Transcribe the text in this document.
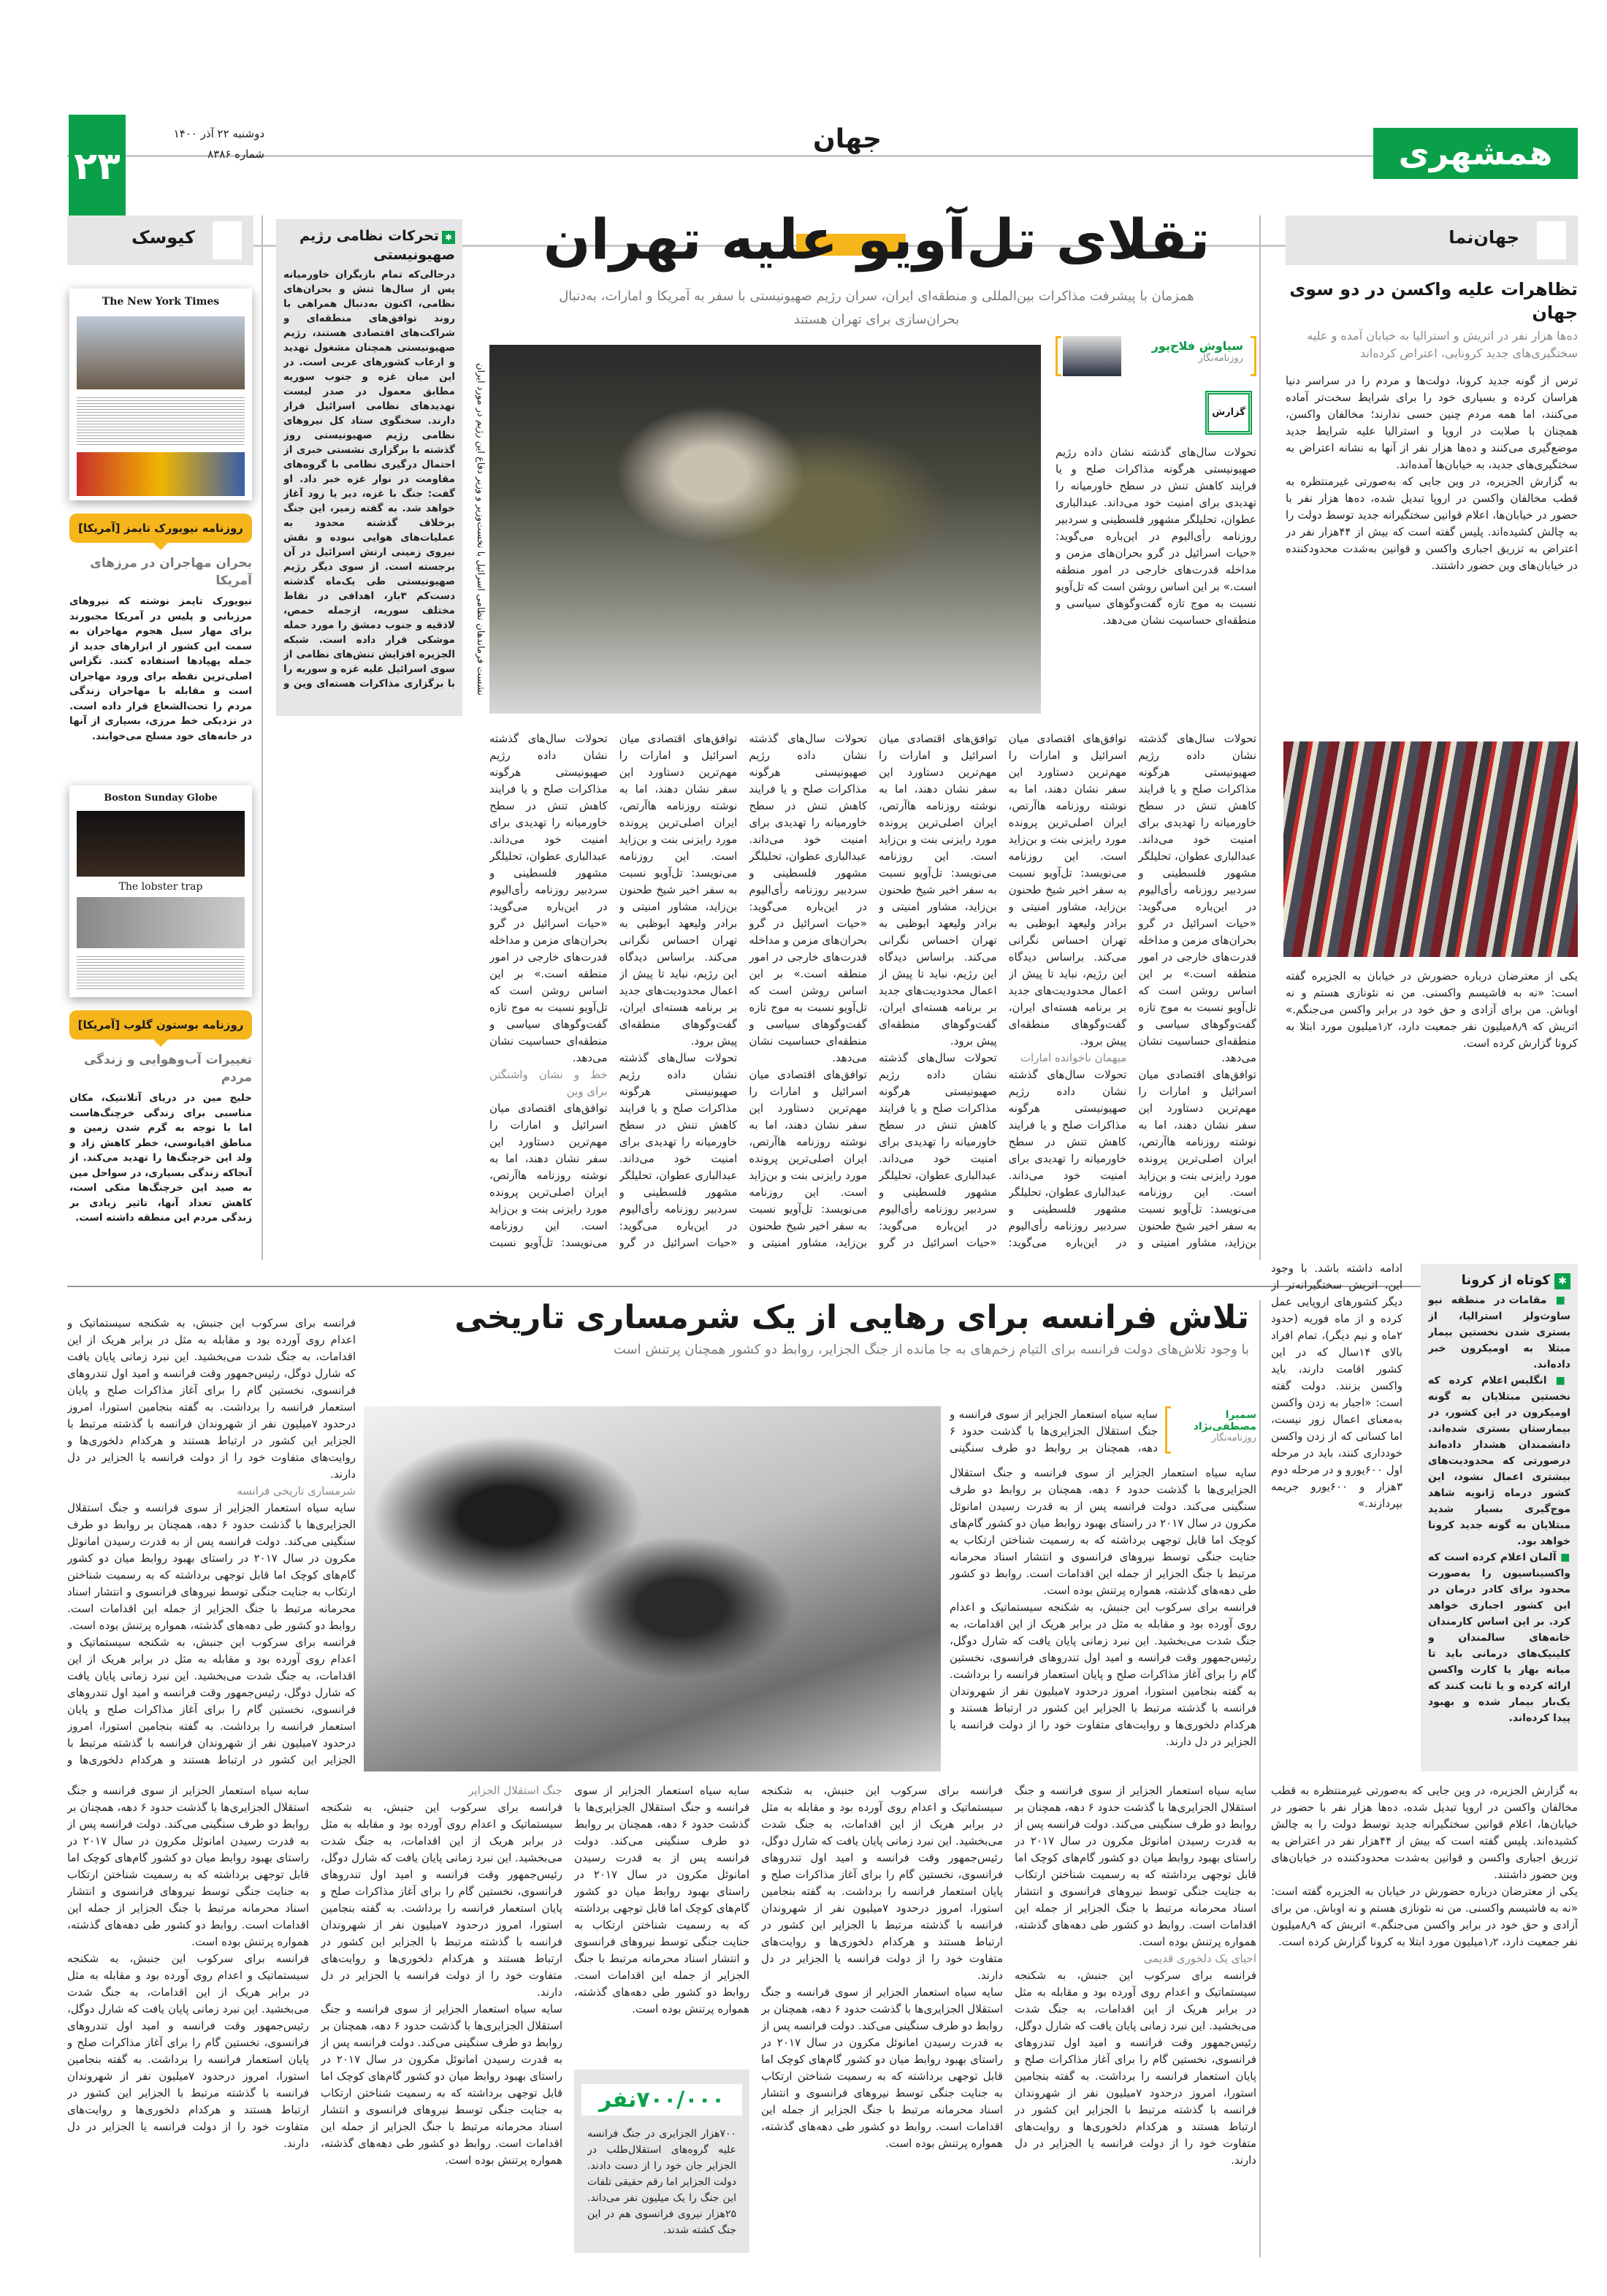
۲۳
دوشنبه ۲۲ آذر ۱۴۰۰
شماره ۸۳۸۶	جهان	همشهری
جهان‌نما
تظاهرات علیه واکسن در دو سوی جهان
ده‌ها هزار نفر در اتریش و استرالیا به خیابان آمده و علیه سختگیری‌های جدید کرونایی، اعتراض کرده‌اند

ترس از گونه جدید کرونا، دولت‌ها و مردم را در سراسر دنیا هراسان کرده و بسیاری خود را برای شرایط سخت‌تر آماده می‌کنند، اما همه مردم چنین حسی ندارند؛ مخالفان واکسن، همچنان با صلابت در اروپا و استرالیا علیه شرایط جدید موضع‌گیری می‌کنند و ده‌ها هزار نفر از آنها به نشانه اعتراض به سختگیری‌های جدید، به خیابان‌ها آمده‌اند.

به گزارش الجزیره، در وین جایی که به‌صورتی غیرمنتظره به قطب مخالفان واکسن در اروپا تبدیل شده، ده‌ها هزار نفر با حضور در خیابان‌ها، اعلام قوانین سختگیرانه جدید توسط دولت را به چالش کشیده‌اند. پلیس گفته است که بیش از ۴۴هزار نفر در اعتراض به تزریق اجباری واکسن و قوانین به‌شدت محدودکننده در خیابان‌های وین حضور داشتند.

یکی از معترضان درباره حضورش در خیابان به الجزیره گفته است: «نه به فاشیسم واکسنی. من نه نئونازی هستم و نه اوباش. من برای آزادی و حق خود در برابر واکسن می‌جنگم.» اتریش که ۸٫۹میلیون نفر جمعیت دارد، ۱٫۲میلیون مورد ابتلا به کرونا گزارش کرده است.

ادامه داشته باشد. با وجود این، اتریش سختگیرانه‌تر از دیگر کشورهای اروپایی عمل کرده و از ماه فوریه (حدود ۲ماه و نیم دیگر)، تمام افراد بالای ۱۴سال که در این کشور اقامت دارند، باید واکسن بزنند. دولت گفته است: «اجبار به زدن واکسن به‌معنای اعمال زور نیست، اما کسانی که از زدن واکسن خودداری کنند، باید در مرحله اول ۶۰۰یورو و در مرحله دوم ۳هزار و ۶۰۰یورو جریمه بپردازند.»

✱کوتاه از کرونا

■ مقامات در منطقه نیو ساوث‌ولز استرالیا، از بستری شدن نخستین بیمار مبتلا به اومیکرون خبر داده‌اند.

■ انگلیس اعلام کرده که نخستین مبتلایان به گونه اومیکرون در این کشور، در بیمارستان بستری شده‌اند. دانشمندان هشدار داده‌اند درصورتی که محدودیت‌های بیشتری اعمال نشود، این کشور درماه ژانویه شاهد موج‌گیری بسیار شدید مبتلایان به گونه جدید کرونا خواهد بود.

■ آلمان اعلام کرده است که واکسیناسیون را به‌صورت محدود برای کادر درمان در این کشور اجباری خواهد کرد. بر این اساس کارمندان خانه‌های سالمندان و کلینیک‌های درمانی باید تا میانه بهار یا کارت واکسن ارائه کرده و یا ثابت کنند که یک‌بار بیمار شده و بهبود پیدا کرده‌اند.

به گزارش الجزیره، در وین جایی که به‌صورتی غیرمنتظره به قطب مخالفان واکسن در اروپا تبدیل شده، ده‌ها هزار نفر با حضور در خیابان‌ها، اعلام قوانین سختگیرانه جدید توسط دولت را به چالش کشیده‌اند. پلیس گفته است که بیش از ۴۴هزار نفر در اعتراض به تزریق اجباری واکسن و قوانین به‌شدت محدودکننده در خیابان‌های وین حضور داشتند.

یکی از معترضان درباره حضورش در خیابان به الجزیره گفته است: «نه به فاشیسم واکسنی. من نه نئونازی هستم و نه اوباش. من برای آزادی و حق خود در برابر واکسن می‌جنگم.» اتریش که ۸٫۹میلیون نفر جمعیت دارد، ۱٫۲میلیون مورد ابتلا به کرونا گزارش کرده است.

تقلای تل‌آویو علیه تهران
همزمان با پیشرفت مذاکرات بین‌المللی و منطقه‌ای ایران، سران رژیم صهیونیستی با سفر به آمریکا و امارات، به‌دنبال بحران‌سازی برای تهران هستند
نشست فرماندهان نظامی اسرائیل با نخست‌وزیر و وزیر دفاع این رژیم در مورد ایران
سیاوش فلاح‌پور
روزنامه‌نگار
گزارش

تحولات سال‌های گذشته نشان داده رژیم صهیونیستی هرگونه مذاکرات صلح و یا فرایند کاهش تنش در سطح خاورمیانه را تهدیدی برای امنیت خود می‌داند. عبدالباری عطوان، تحلیلگر مشهور فلسطینی و سردبیر روزنامه رأی‌الیوم در این‌باره می‌گوید: «حیات اسرائیل در گرو بحران‌های مزمن و مداخله قدرت‌های خارجی در امور منطقه است.» بر این اساس روشن است که تل‌آویو نسبت به موج تازه گفت‌وگوهای سیاسی و منطقه‌ای حساسیت نشان می‌دهد.

تحولات سال‌های گذشته نشان داده رژیم صهیونیستی هرگونه مذاکرات صلح و یا فرایند کاهش تنش در سطح خاورمیانه را تهدیدی برای امنیت خود می‌داند. عبدالباری عطوان، تحلیلگر مشهور فلسطینی و سردبیر روزنامه رأی‌الیوم در این‌باره می‌گوید: «حیات اسرائیل در گرو بحران‌های مزمن و مداخله قدرت‌های خارجی در امور منطقه است.» بر این اساس روشن است که تل‌آویو نسبت به موج تازه گفت‌وگوهای سیاسی و منطقه‌ای حساسیت نشان می‌دهد.

توافق‌های اقتصادی میان اسرائیل و امارات را مهم‌ترین دستاورد این سفر نشان دهند، اما به نوشته روزنامه هاآرتص، ایران اصلی‌ترین پرونده مورد رایزنی بنت و بن‌زاید است. این روزنامه می‌نویسد: تل‌آویو نسبت به سفر اخیر شیخ طحنون بن‌زاید، مشاور امنیتی و

توافق‌های اقتصادی میان اسرائیل و امارات را مهم‌ترین دستاورد این سفر نشان دهند، اما به نوشته روزنامه هاآرتص، ایران اصلی‌ترین پرونده مورد رایزنی بنت و بن‌زاید است. این روزنامه می‌نویسد: تل‌آویو نسبت به سفر اخیر شیخ طحنون بن‌زاید، مشاور امنیتی و برادر ولیعهد ابوظبی به تهران احساس نگرانی می‌کند. براساس دیدگاه این رژیم، نباید تا پیش از اعمال محدودیت‌های جدید بر برنامه هسته‌ای ایران، گفت‌وگوهای منطقه‌ای پیش برود.

میهمان ناخوانده امارات

تحولات سال‌های گذشته نشان داده رژیم صهیونیستی هرگونه مذاکرات صلح و یا فرایند کاهش تنش در سطح خاورمیانه را تهدیدی برای امنیت خود می‌داند. عبدالباری عطوان، تحلیلگر مشهور فلسطینی و سردبیر روزنامه رأی‌الیوم در این‌باره می‌گوید:

توافق‌های اقتصادی میان اسرائیل و امارات را مهم‌ترین دستاورد این سفر نشان دهند، اما به نوشته روزنامه هاآرتص، ایران اصلی‌ترین پرونده مورد رایزنی بنت و بن‌زاید است. این روزنامه می‌نویسد: تل‌آویو نسبت به سفر اخیر شیخ طحنون بن‌زاید، مشاور امنیتی و برادر ولیعهد ابوظبی به تهران احساس نگرانی می‌کند. براساس دیدگاه این رژیم، نباید تا پیش از اعمال محدودیت‌های جدید بر برنامه هسته‌ای ایران، گفت‌وگوهای منطقه‌ای پیش برود.

تحولات سال‌های گذشته نشان داده رژیم صهیونیستی هرگونه مذاکرات صلح و یا فرایند کاهش تنش در سطح خاورمیانه را تهدیدی برای امنیت خود می‌داند. عبدالباری عطوان، تحلیلگر مشهور فلسطینی و سردبیر روزنامه رأی‌الیوم در این‌باره می‌گوید: «حیات اسرائیل در گرو

تحولات سال‌های گذشته نشان داده رژیم صهیونیستی هرگونه مذاکرات صلح و یا فرایند کاهش تنش در سطح خاورمیانه را تهدیدی برای امنیت خود می‌داند. عبدالباری عطوان، تحلیلگر مشهور فلسطینی و سردبیر روزنامه رأی‌الیوم در این‌باره می‌گوید: «حیات اسرائیل در گرو بحران‌های مزمن و مداخله قدرت‌های خارجی در امور منطقه است.» بر این اساس روشن است که تل‌آویو نسبت به موج تازه گفت‌وگوهای سیاسی و منطقه‌ای حساسیت نشان می‌دهد.

توافق‌های اقتصادی میان اسرائیل و امارات را مهم‌ترین دستاورد این سفر نشان دهند، اما به نوشته روزنامه هاآرتص، ایران اصلی‌ترین پرونده مورد رایزنی بنت و بن‌زاید است. این روزنامه می‌نویسد: تل‌آویو نسبت به سفر اخیر شیخ طحنون بن‌زاید، مشاور امنیتی و

توافق‌های اقتصادی میان اسرائیل و امارات را مهم‌ترین دستاورد این سفر نشان دهند، اما به نوشته روزنامه هاآرتص، ایران اصلی‌ترین پرونده مورد رایزنی بنت و بن‌زاید است. این روزنامه می‌نویسد: تل‌آویو نسبت به سفر اخیر شیخ طحنون بن‌زاید، مشاور امنیتی و برادر ولیعهد ابوظبی به تهران احساس نگرانی می‌کند. براساس دیدگاه این رژیم، نباید تا پیش از اعمال محدودیت‌های جدید بر برنامه هسته‌ای ایران، گفت‌وگوهای منطقه‌ای پیش برود.

تحولات سال‌های گذشته نشان داده رژیم صهیونیستی هرگونه مذاکرات صلح و یا فرایند کاهش تنش در سطح خاورمیانه را تهدیدی برای امنیت خود می‌داند. عبدالباری عطوان، تحلیلگر مشهور فلسطینی و سردبیر روزنامه رأی‌الیوم در این‌باره می‌گوید: «حیات اسرائیل در گرو

تحولات سال‌های گذشته نشان داده رژیم صهیونیستی هرگونه مذاکرات صلح و یا فرایند کاهش تنش در سطح خاورمیانه را تهدیدی برای امنیت خود می‌داند. عبدالباری عطوان، تحلیلگر مشهور فلسطینی و سردبیر روزنامه رأی‌الیوم در این‌باره می‌گوید: «حیات اسرائیل در گرو بحران‌های مزمن و مداخله قدرت‌های خارجی در امور منطقه است.» بر این اساس روشن است که تل‌آویو نسبت به موج تازه گفت‌وگوهای سیاسی و منطقه‌ای حساسیت نشان می‌دهد.

خط و نشان واشنگتن برای وین

توافق‌های اقتصادی میان اسرائیل و امارات را مهم‌ترین دستاورد این سفر نشان دهند، اما به نوشته روزنامه هاآرتص، ایران اصلی‌ترین پرونده مورد رایزنی بنت و بن‌زاید است. این روزنامه می‌نویسد: تل‌آویو نسبت

✱تحرکات نظامی رژیم صهیونیستی
درحالی‌که تمام بازیگران خاورمیانه پس از سال‌ها تنش و بحران‌های نظامی، اکنون به‌دنبال همراهی با روند توافق‌های منطقه‌ای و شراکت‌های اقتصادی هستند، رژیم صهیونیستی همچنان مشغول تهدید و ارعاب کشورهای عربی است. در این میان غزه و جنوب سوریه مطابق معمول در صدر لیست تهدیدهای نظامی اسرائیل قرار دارند. سخنگوی ستاد کل نیروهای نظامی رژیم صهیونیستی روز گذشته با برگزاری نشستی خبری از احتمال درگیری نظامی با گروه‌های مقاومت در نوار غزه خبر داد. او گفت: جنگ با غزه، دیر یا زود آغاز خواهد شد. به گفته زمیر، این جنگ برخلاف گذشته محدود به عملیات‌های هوایی نبوده و نقش نیروی زمینی ارتش اسرائیل در آن برجسته است. از سوی دیگر رژیم صهیونیستی طی یک‌ماه گذشته دست‌کم ۳بار، اهدافی در نقاط مختلف سوریه، ازجمله حمص، لاذقیه و جنوب دمشق را مورد حمله موشکی قرار داده است. شبکه الجزیره افزایش تنش‌های نظامی از سوی اسرائیل علیه غزه و سوریه را با برگزاری مذاکرات هسته‌ای وین و
کیوسک
The New York Times
روزنامه نیویورک تایمز [آمریکا]
بحران مهاجران در مرزهای آمریکا
نیویورک تایمز نوشته که نیروهای مرزبانی و پلیس در آمریکا مجبورند برای مهار سیل هجوم مهاجران به سمت این کشور از ابزارهای جدید از جمله پهپادها استفاده کنند. تگزاس اصلی‌ترین نقطه برای ورود مهاجران است و مقابله با مهاجران زندگی مردم را تحت‌الشعاع قرار داده است. در نزدیکی خط مرزی، بسیاری از آنها در خانه‌های خود مسلح می‌خوابند.
Boston Sunday Globe
The lobster trap
روزنامه بوستون گلوب [آمریکا]
تغییرات آب‌وهوایی و زندگی مردم
خلیج مین در دریای آتلانتیک، مکان مناسبی برای زندگی خرچنگ‌هاست اما با توجه به گرم شدن زمین و مناطق اقیانوسی، خطر کاهش زاد و ولد این خرچنگ‌ها را تهدید می‌کند. از آنجاکه زندگی بسیاری، در سواحل مین به صید این خرچنگ‌ها متکی است، کاهش تعداد آنها، تاثیر زیادی بر زندگی مردم این منطقه داشته است.
تلاش فرانسه برای رهایی از یک شرمساری تاریخی
با وجود تلاش‌های دولت فرانسه برای التیام زخم‌های به جا مانده از جنگ الجزایر، روابط دو کشور همچنان پرتنش است

فرانسه برای سرکوب این جنبش، به شکنجه سیستماتیک و اعدام روی آورده بود و مقابله به مثل در برابر هریک از این اقدامات، به جنگ شدت می‌بخشید. این نبرد زمانی پایان یافت که شارل دوگل، رئیس‌جمهور وقت فرانسه و امید اول تندروهای فرانسوی، نخستین گام را برای آغاز مذاکرات صلح و پایان استعمار فرانسه را برداشت. به گفته بنجامین استورا، امروز درحدود ۷میلیون نفر از شهروندان فرانسه با گذشته مرتبط با الجزایر این کشور در ارتباط هستند و هرکدام دلخوری‌ها و روایت‌های متفاوت خود را از دولت فرانسه یا الجزایر در دل دارند.

شرمساری تاریخی فرانسه

سایه سیاه استعمار الجزایر از سوی فرانسه و جنگ استقلال الجزایری‌ها با گذشت حدود ۶ دهه، همچنان بر روابط دو طرف سنگینی می‌کند. دولت فرانسه پس از به قدرت رسیدن امانوئل مکرون در سال ۲۰۱۷ در راستای بهبود روابط میان دو کشور گام‌های کوچک اما قابل توجهی برداشته که به رسمیت شناختن ارتکاب به جنایت جنگی توسط نیروهای فرانسوی و انتشار اسناد محرمانه مرتبط با جنگ الجزایر از جمله این اقدامات است. روابط دو کشور طی دهه‌های گذشته، همواره پرتنش بوده است.

فرانسه برای سرکوب این جنبش، به شکنجه سیستماتیک و اعدام روی آورده بود و مقابله به مثل در برابر هریک از این اقدامات، به جنگ شدت می‌بخشید. این نبرد زمانی پایان یافت که شارل دوگل، رئیس‌جمهور وقت فرانسه و امید اول تندروهای فرانسوی، نخستین گام را برای آغاز مذاکرات صلح و پایان استعمار فرانسه را برداشت. به گفته بنجامین استورا، امروز درحدود ۷میلیون نفر از شهروندان فرانسه با گذشته مرتبط با الجزایر این کشور در ارتباط هستند و هرکدام دلخوری‌ها و

سمیرا مصطفی‌نژاد
روزنامه‌نگار
سایه سیاه استعمار الجزایر از سوی فرانسه و جنگ استقلال الجزایری‌ها با گذشت حدود ۶ دهه، همچنان بر روابط دو طرف سنگینی

سایه سیاه استعمار الجزایر از سوی فرانسه و جنگ استقلال الجزایری‌ها با گذشت حدود ۶ دهه، همچنان بر روابط دو طرف سنگینی می‌کند. دولت فرانسه پس از به قدرت رسیدن امانوئل مکرون در سال ۲۰۱۷ در راستای بهبود روابط میان دو کشور گام‌های کوچک اما قابل توجهی برداشته که به رسمیت شناختن ارتکاب به جنایت جنگی توسط نیروهای فرانسوی و انتشار اسناد محرمانه مرتبط با جنگ الجزایر از جمله این اقدامات است. روابط دو کشور طی دهه‌های گذشته، همواره پرتنش بوده است.

فرانسه برای سرکوب این جنبش، به شکنجه سیستماتیک و اعدام روی آورده بود و مقابله به مثل در برابر هریک از این اقدامات، به جنگ شدت می‌بخشید. این نبرد زمانی پایان یافت که شارل دوگل، رئیس‌جمهور وقت فرانسه و امید اول تندروهای فرانسوی، نخستین گام را برای آغاز مذاکرات صلح و پایان استعمار فرانسه را برداشت. به گفته بنجامین استورا، امروز درحدود ۷میلیون نفر از شهروندان فرانسه با گذشته مرتبط با الجزایر این کشور در ارتباط هستند و هرکدام دلخوری‌ها و روایت‌های متفاوت خود را از دولت فرانسه یا الجزایر در دل دارند.

سایه سیاه استعمار الجزایر از سوی فرانسه و جنگ استقلال الجزایری‌ها با گذشت حدود ۶ دهه، همچنان بر روابط دو طرف سنگینی می‌کند. دولت فرانسه پس از به قدرت رسیدن امانوئل مکرون در سال ۲۰۱۷ در راستای بهبود روابط میان دو کشور گام‌های کوچک اما قابل توجهی برداشته که به رسمیت شناختن ارتکاب به جنایت جنگی توسط نیروهای فرانسوی و انتشار اسناد محرمانه مرتبط با جنگ الجزایر از جمله این اقدامات است. روابط دو کشور طی دهه‌های گذشته، همواره پرتنش بوده است.

احیای یک دلخوری قدیمی

فرانسه برای سرکوب این جنبش، به شکنجه سیستماتیک و اعدام روی آورده بود و مقابله به مثل در برابر هریک از این اقدامات، به جنگ شدت می‌بخشید. این نبرد زمانی پایان یافت که شارل دوگل، رئیس‌جمهور وقت فرانسه و امید اول تندروهای فرانسوی، نخستین گام را برای آغاز مذاکرات صلح و پایان استعمار فرانسه را برداشت. به گفته بنجامین استورا، امروز درحدود ۷میلیون نفر از شهروندان فرانسه با گذشته مرتبط با الجزایر این کشور در ارتباط هستند و هرکدام دلخوری‌ها و روایت‌های متفاوت خود را از دولت فرانسه یا الجزایر در دل دارند.

فرانسه برای سرکوب این جنبش، به شکنجه سیستماتیک و اعدام روی آورده بود و مقابله به مثل در برابر هریک از این اقدامات، به جنگ شدت می‌بخشید. این نبرد زمانی پایان یافت که شارل دوگل، رئیس‌جمهور وقت فرانسه و امید اول تندروهای فرانسوی، نخستین گام را برای آغاز مذاکرات صلح و پایان استعمار فرانسه را برداشت. به گفته بنجامین استورا، امروز درحدود ۷میلیون نفر از شهروندان فرانسه با گذشته مرتبط با الجزایر این کشور در ارتباط هستند و هرکدام دلخوری‌ها و روایت‌های متفاوت خود را از دولت فرانسه یا الجزایر در دل دارند.

سایه سیاه استعمار الجزایر از سوی فرانسه و جنگ استقلال الجزایری‌ها با گذشت حدود ۶ دهه، همچنان بر روابط دو طرف سنگینی می‌کند. دولت فرانسه پس از به قدرت رسیدن امانوئل مکرون در سال ۲۰۱۷ در راستای بهبود روابط میان دو کشور گام‌های کوچک اما قابل توجهی برداشته که به رسمیت شناختن ارتکاب به جنایت جنگی توسط نیروهای فرانسوی و انتشار اسناد محرمانه مرتبط با جنگ الجزایر از جمله این اقدامات است. روابط دو کشور طی دهه‌های گذشته، همواره پرتنش بوده است.

سایه سیاه استعمار الجزایر از سوی فرانسه و جنگ استقلال الجزایری‌ها با گذشت حدود ۶ دهه، همچنان بر روابط دو طرف سنگینی می‌کند. دولت فرانسه پس از به قدرت رسیدن امانوئل مکرون در سال ۲۰۱۷ در راستای بهبود روابط میان دو کشور گام‌های کوچک اما قابل توجهی برداشته که به رسمیت شناختن ارتکاب به جنایت جنگی توسط نیروهای فرانسوی و انتشار اسناد محرمانه مرتبط با جنگ الجزایر از جمله این اقدامات است. روابط دو کشور طی دهه‌های گذشته، همواره پرتنش بوده است.

۷۰۰/۰۰۰نفر
۷۰۰هزار الجزایری در جنگ فرانسه علیه گروه‌های استقلال‌طلب در الجزایر جان خود را از دست دادند. دولت الجزایر اما رقم حقیقی تلفات این جنگ را یک میلیون نفر می‌داند. ۲۵هزار نیروی فرانسوی هم در این جنگ کشته شدند.
جنگ استقلال الجزایر

فرانسه برای سرکوب این جنبش، به شکنجه سیستماتیک و اعدام روی آورده بود و مقابله به مثل در برابر هریک از این اقدامات، به جنگ شدت می‌بخشید. این نبرد زمانی پایان یافت که شارل دوگل، رئیس‌جمهور وقت فرانسه و امید اول تندروهای فرانسوی، نخستین گام را برای آغاز مذاکرات صلح و پایان استعمار فرانسه را برداشت. به گفته بنجامین استورا، امروز درحدود ۷میلیون نفر از شهروندان فرانسه با گذشته مرتبط با الجزایر این کشور در ارتباط هستند و هرکدام دلخوری‌ها و روایت‌های متفاوت خود را از دولت فرانسه یا الجزایر در دل دارند.

سایه سیاه استعمار الجزایر از سوی فرانسه و جنگ استقلال الجزایری‌ها با گذشت حدود ۶ دهه، همچنان بر روابط دو طرف سنگینی می‌کند. دولت فرانسه پس از به قدرت رسیدن امانوئل مکرون در سال ۲۰۱۷ در راستای بهبود روابط میان دو کشور گام‌های کوچک اما قابل توجهی برداشته که به رسمیت شناختن ارتکاب به جنایت جنگی توسط نیروهای فرانسوی و انتشار اسناد محرمانه مرتبط با جنگ الجزایر از جمله این اقدامات است. روابط دو کشور طی دهه‌های گذشته، همواره پرتنش بوده است.

سایه سیاه استعمار الجزایر از سوی فرانسه و جنگ استقلال الجزایری‌ها با گذشت حدود ۶ دهه، همچنان بر روابط دو طرف سنگینی می‌کند. دولت فرانسه پس از به قدرت رسیدن امانوئل مکرون در سال ۲۰۱۷ در راستای بهبود روابط میان دو کشور گام‌های کوچک اما قابل توجهی برداشته که به رسمیت شناختن ارتکاب به جنایت جنگی توسط نیروهای فرانسوی و انتشار اسناد محرمانه مرتبط با جنگ الجزایر از جمله این اقدامات است. روابط دو کشور طی دهه‌های گذشته، همواره پرتنش بوده است.

فرانسه برای سرکوب این جنبش، به شکنجه سیستماتیک و اعدام روی آورده بود و مقابله به مثل در برابر هریک از این اقدامات، به جنگ شدت می‌بخشید. این نبرد زمانی پایان یافت که شارل دوگل، رئیس‌جمهور وقت فرانسه و امید اول تندروهای فرانسوی، نخستین گام را برای آغاز مذاکرات صلح و پایان استعمار فرانسه را برداشت. به گفته بنجامین استورا، امروز درحدود ۷میلیون نفر از شهروندان فرانسه با گذشته مرتبط با الجزایر این کشور در ارتباط هستند و هرکدام دلخوری‌ها و روایت‌های متفاوت خود را از دولت فرانسه یا الجزایر در دل دارند.
